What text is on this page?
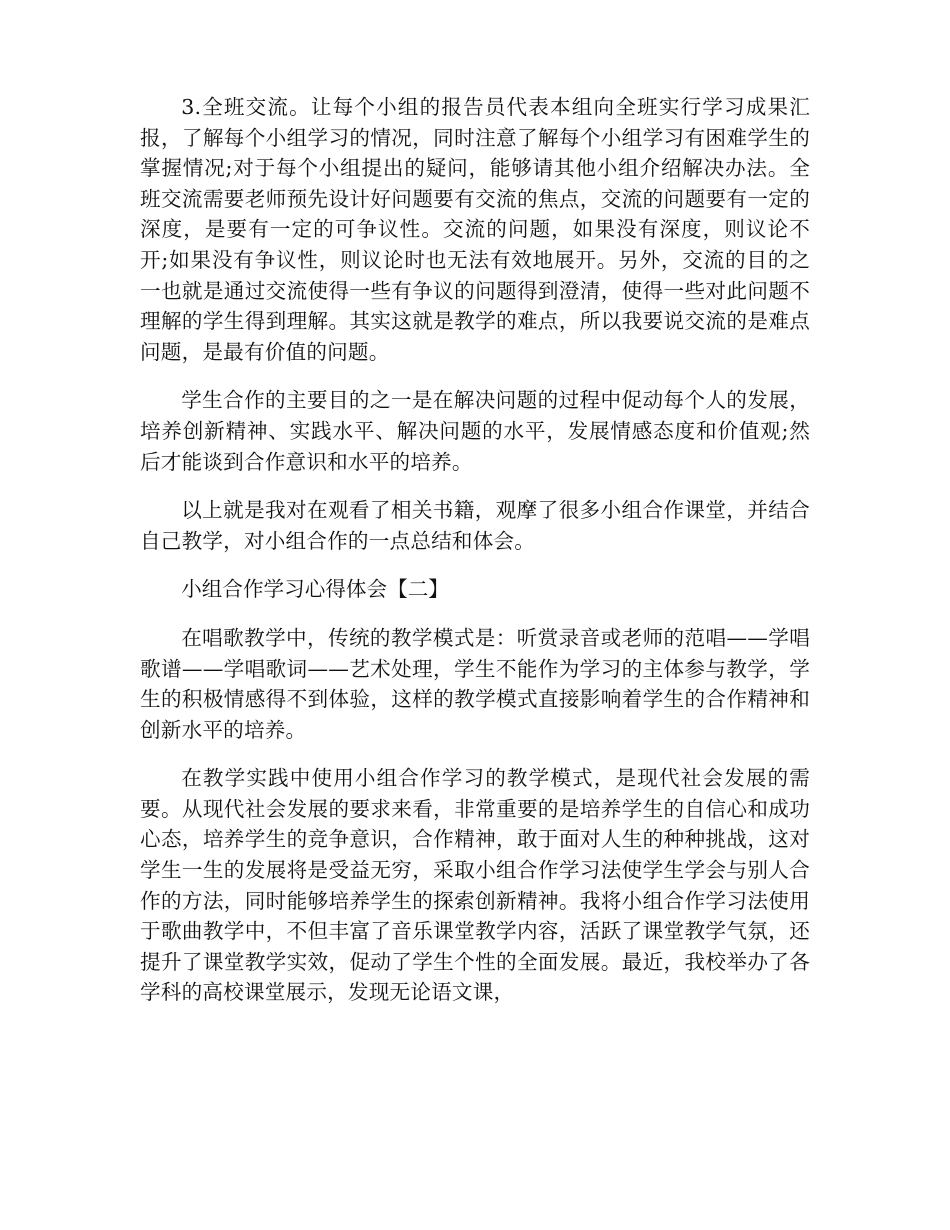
3.全班交流。让每个小组的报告员代表本组向全班实行学习成果汇报，了解每个小组学习的情况，同时注意了解每个小组学习有困难学生的掌握情况;对于每个小组提出的疑问，能够请其他小组介绍解决办法。全班交流需要老师预先设计好问题要有交流的焦点，交流的问题要有一定的深度，是要有一定的可争议性。交流的问题，如果没有深度，则议论不开;如果没有争议性，则议论时也无法有效地展开。另外，交流的目的之一也就是通过交流使得一些有争议的问题得到澄清，使得一些对此问题不理解的学生得到理解。其实这就是教学的难点，所以我要说交流的是难点问题，是最有价值的问题。

学生合作的主要目的之一是在解决问题的过程中促动每个人的发展，培养创新精神、实践水平、解决问题的水平，发展情感态度和价值观;然后才能谈到合作意识和水平的培养。

以上就是我对在观看了相关书籍，观摩了很多小组合作课堂，并结合自己教学，对小组合作的一点总结和体会。

小组合作学习心得体会【二】

在唱歌教学中，传统的教学模式是：听赏录音或老师的范唱——学唱歌谱——学唱歌词——艺术处理，学生不能作为学习的主体参与教学，学生的积极情感得不到体验，这样的教学模式直接影响着学生的合作精神和创新水平的培养。

在教学实践中使用小组合作学习的教学模式，是现代社会发展的需要。从现代社会发展的要求来看，非常重要的是培养学生的自信心和成功心态，培养学生的竞争意识，合作精神，敢于面对人生的种种挑战，这对学生一生的发展将是受益无穷，采取小组合作学习法使学生学会与别人合作的方法，同时能够培养学生的探索创新精神。我将小组合作学习法使用于歌曲教学中，不但丰富了音乐课堂教学内容，活跃了课堂教学气氛，还提升了课堂教学实效，促动了学生个性的全面发展。最近，我校举办了各学科的高校课堂展示，发现无论语文课，
